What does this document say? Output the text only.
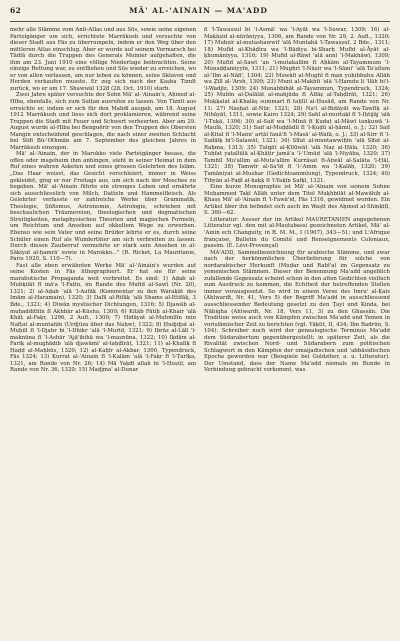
62	MĀ' AL-'AINAIN — MA'ADD

mehr alle Stämme vom Anti-Atlas und aus Sūs, sowie seine eigenen Parteigänger um sich, errichtete Marrākush und versuchte von dieser Stadt aus Fäs zu überrumpeln, indem er den Weg über den mittleren Atlas einschlug. Aber er wurde auf seinem Vormarsch bei Tādlā durch die Truppen des Generals Moinier aufgehalten, die ihm am 23. Juni 1910 eine völlige Niederlage beibrachten. Seine einzige Rettung war, zu entfliehen und Sūs wieder zu erreichen, wo er von allen verlassen, um nur leben zu können, seine Sklaven und Herden verkaufen musste. Er zog sich nach der Ḳaṣba Tiznīt zurück, wo er am 17. Shawwāl 1328 (28. Oct. 1910) starb.

Zwei Jahre später versuchte der Sohn Mā' al-'Ainain's, Aḥmed al-Hība, ebenfalls, sich zum Sulṭan ausrufen zu lassen. Von Tiznīt aus erreichte er, indem er sich für den Mahdī ausgab, am 18. August 1912 Marrākush und liess sich dort proklamieren, während seine Truppen die Stadt mit Feuer und Schwert verheerten. Aber am 29. August wurde al-Hība bei Benguērir von den Truppen des Obersten Mangin entscheidend geschlagen, die nach einer zweiten Schlacht bei Sīdī Bū-'Othmān am 7. September des gleichen Jahres in Marrākush einzogen.

Mā' al-'Ainain, der in Marokko viele Parteigänger besass, die offen oder insgeheim ihm anhingen, steht in seiner Heimat in dem Ruf eines wahren Asketen und eines grossen Gelehrten des Islām. „Das Haar weisst, das Gesicht verschleiert, immer in Weiss gekleidet, ging er nur Freitags aus, um sich nach der Moschee zu begeben. Mā' al-'Ainain führte ein strenges Leben und ernährte sich ausschliesslich von Milch, Datteln und Hammelfleisch. Als Gelehrter verfasste er zahlreiche Werke über Grammatik, Theologie, Ṣūfismus, Astronomie, Astrologie, schrieben mit beschaulichen Träumereien, theologischen und dogmatischen Streitigkeiten, metaphysischen Theorien und magischen Formeln, um Reichtum und Ansehen auf okkultem Wege zu erwerben. Ebenso wie sein Vater und seine Brüder lehrte er es, durch seine Schüler einen Ruf als Wundertäter am sich verbreiten zu lassen. Durch diesen Zauberruf vermehrte er stark sein Ansehen in al-Ṣāḳiyat al-ḥamrā' sowie in Marokko..." (R. Ricket, La Mauritanie, Paris 1920, S. 110—7).

Fast alle eben erwähnten Werke Mā' al-'Ainain's wurden auf seine Kosten in Fās lithographiert. Er hat sie für seine marabutische Propaganda weit verbreitet. Es sind: 1) Aḍab al-Mubḳilāt fī mā'a 'l-Faṭīn, im Rande des Mufīd al-Sawī (Nr. 20), 1321; 2) al-Aḍab 'alā 'l-Aufāḳ (Kommentar zu den Waraḳāt des Imām al-Ḥaramain), 1320; 3) Dalīl al-Rifāḳ 'alā Shams al-Ittifāḳ, 3 Bde., 1321; 4) Dīwān mystischer Dichtungen, 1316; 5) Djawāb al-muḥaddithīn fī Akhbār al-Kūsha, 1300; 6) Kitāb Fātiḥ al-Khair 'alā Khāṭ al-Faḳr, 1296, 2 Aufl., 1300; 7) Hidāyat al-Muhmilīn min Nafṭat al-muntahīn (Urdjūza über das Naḥw), 1322; 8) Ḥudjdjat al-Muḥill fī 'l-Djahr bi 'l-Dhikr 'alā 'l-Murīd, 1321; 9) Ibrāz al-Lālī 'l-maknūna fī 'l-Ashār 'Ajā'ibihā wa 'l-maṣnūna, 1322; 10) Iḳdām al-Farīḳ al-mughāḍib 'alā djawāmi' al-taḥḍīrāt, 1321; 11) al-Khalīḳ fī Ḥaḍḍ al-Maḥbūs, 1320; 12) al-Kaḥīr al-Akbar, 1300, Typendruck, Fās 1324; 13) Ḳurrat al-'Ainain fī 'l-Kalām 'alā 'l-Faḳr fī 'l-Ṭarīḳa, 1321, am Rande von Nr. 26; 14) Mā Yaḳdī allah bi 'l-Ḥuṣūl, am Rande von Nr. 36, 1320; 15) Madjma' al-Dunar

fi 'l-Tawassul bi 'l-Asmā' wa 'l-Āyāt wa 'l-Suwar, 1309; 16) al-Maḳāṣid al-nūrāniyya, 1306, am Rande von Nr. 29, 2. Aufl., 1320; 17) Mubṣir al-mutashawwif 'alā Muntahā 'l-Tawaṣṣuf, 2 Bde., 1311; 18) Mufīd al-Khāḍira wa 'l-Bādiya bi-Sharḥ Mufīd al-Āyāt al-ḳhumāniyya, 1316; 19) Mufīd al-Rāwī 'alā anni 'l-Makhāwī, 1309; 20) Mufīd al-Sawī 'an 'l-mutakallim fī Aḥkām al-Tayammum 'l-Munaḍḍamiyyīn, 1311; 21) Mughrī 'l-Nāẓir wa 'l-Sāmi' 'alā Ta'allum al-'Ilm al-Nāfi', 1304; 22) Muwāfi al-Mughī fī man yuḥibbuhu Allāh wa Ẓill al-'Arsh, 1309; 23) Munt al-Makhfi 'alā 'l-Ḥamdu li 'llāh bi'l-'l-Wadjīz, 1309; 24) Munabbihāt al-Tayammun, Typendruck, 1324; 25) Mubīn al-Ḍalālāt al-mahjūda fī Alfāẓ al-Taḥḍīrāt, 1321; 26) Muḳḳalat al-Khalāṣ summarī fī taḥlīl al-Ḥusād, am Rande von Nr. 11; 27) Naṣḥat al-Nūr, 1321; 28) Na't al-Bidāyāt wa-Tawfīḳ al-Nihāyāt, 1311, sowie Kairo 1324; 29) Sahl al-murtaḳī fī 'l-Iḥtijāj 'alā 'l-Tuḳā, 1306; 30) al-Saif wa 'l-Minā fī Ḳudaṭ al-Māwī tanḳuwā 'l-Maulā, 1320; 31) Saif al-Muḍḍādil fī 'l-Ḳuḍū al-ḥāmil, o. J.; 32) Saif al-Ḳital fī 'l-Mann' arṭāl fanā'fi 'l-Masā' al-Wafā, o. J.; 33) al-Sirr fī 'l-Sadāīḳ bi'l-Salawāt, 1321; 34) Sīfat al-muntawwiḥīn 'alā Sīfat al-Raḥma, 1313; 35) Ṭalqāt al-Ḳīlūwāt 'alā Naẓ al-Ḥāla, 1320; 36) Tuḥfat yatallūlā al-Ḳhāṭir jamā'a 'l-'Umūd 'alā 'l-Niyāba, 1320; 37) Tamhīl Mu'allim al-Muta'allim Kurrāsat fī-Aṭwāl al-Ṣalāta 'l-Ḥāl, 1321; 38) Tamwīr al-Sa'īd fī 'l-'Amm wa 'l-Ḳalāḥ, 1320; 39) Ṭamāniyat al-Mushar (Gedichtsammlung), Typendruck, 1324; 40) Tibyān al-Faḍl al-ḥaḳḳ fī 'l-Yaḳīn Ṣafḳī, 1321.

Eine kurze Monographie ist Mā' al-'Ainain von seinem Sohne Muḥammed Taḳī Allāh unter dem Titel Muḳhbilāt al-Mawāhib al-Ḳhaṣṣ Mā' al-'Ainain fī 'l-Fawā'id, Fās 1316, gewidmet worden. Ein Artikel über ihn befindet sich auch im Waṣīt des Aḥmed al-Shinḳīṭī, S. 360—62.

Litteratur: Ausser der im Artikel MAURETANIEN angegebenen Litteratur vgl. den mit al-Mautabassi gezeichneten Artikel, Mā' al-'Ainin ech Changuity, in R. M. M., I (1907), 343—51; und L'Afrique française, Bulletin du Comité und Renseignements Coloniaux, passim. (É. Lévi-Provençal)

MA'ADD, Sammelbezeichnung für arabische Stämme, und zwar nach der herkömmlichen Überlieferung für solche von nordarabischer Herkunft (Muḍar und Rabī'a) im Gegensatz zu yemenischen Stämmen. Dieser der Benennung Ma'add angeblich zufallende Gegensatz scheint schon in den alten Gedichten vielfach zum Ausdruck zu kommen, die Echtheit der betreffenden Stellen immer vorausgesetzt. So wird in einem Verse des Imru' al-Ḳais (Ahlwardt, Nr. 41, Vers 5) der Begriff Ma'add in ausschliessend ausschliessender Bedeutung gesetzt zu den Ṭayi und Kinda, bei Nābigha (Ahlwardt, Nr. 18, Vers 11, 3) zu den Ghassān. Die Tradition weiss auch von Kämpfen zwischen Ma'add und Yemen in vorislāmischer Zeit zu berichten (vgl. Yāḳūt, II, 434; Ibn Badrūn, S. 104). Schreiber noch wird der genealogische Terminus Ma'add dem Südarabertum gegenübergestellt; in späterer Zeit, als die Rivalität zwischen Nord- und Südarabern zum politischen Schlagwort in den Kämpfen der omaijadischen und 'abbāsidischen Epoche geworden war (Beispiele bei Goldziher, a. u. Litteratur). Der Umstand, dass der Name Ma'add niemals im Bunde in Verbindung gebracht vorkommt, was
